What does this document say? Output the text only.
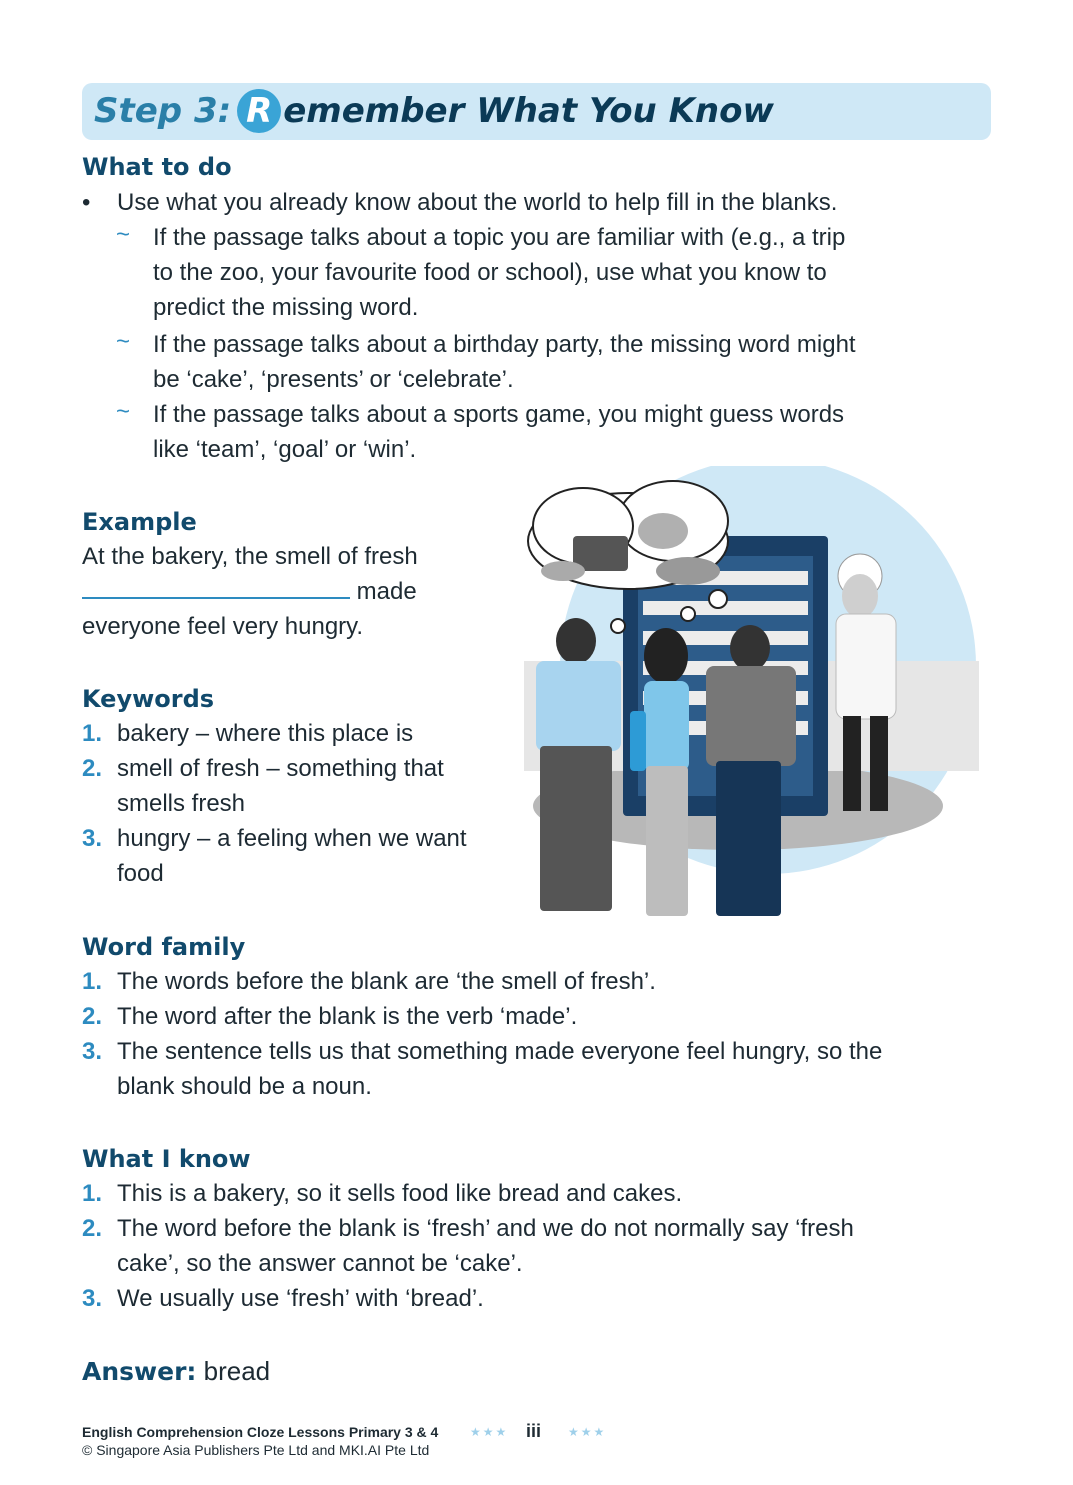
Step 3: R emember What You Know
What to do
• Use what you already know about the world to help fill in the blanks.
~ If the passage talks about a topic you are familiar with (e.g., a trip
to the zoo, your favourite food or school), use what you know to
predict the missing word.
~ If the passage talks about a birthday party, the missing word might
be ‘cake’, ‘presents’ or ‘celebrate’.
~ If the passage talks about a sports game, you might guess words
like ‘team’, ‘goal’ or ‘win’.
Example
At the bakery, the smell of fresh
made
everyone feel very hungry.
Keywords
1. bakery – where this place is
2. smell of fresh – something that
smells fresh
3. hungry – a feeling when we want
food
Word family
1. The words before the blank are ‘the smell of fresh’.
2. The word after the blank is the verb ‘made’.
3. The sentence tells us that something made everyone feel hungry, so the
blank should be a noun.
What I know
1. This is a bakery, so it sells food like bread and cakes.
2. The word before the blank is ‘fresh’ and we do not normally say ‘fresh
cake’, so the answer cannot be ‘cake’.
3. We usually use ‘fresh’ with ‘bread’.
Answer: bread
English Comprehension Cloze Lessons Primary 3 & 4
© Singapore Asia Publishers Pte Ltd and MKI.AI Pte Ltd
★★★ iii ★★★
